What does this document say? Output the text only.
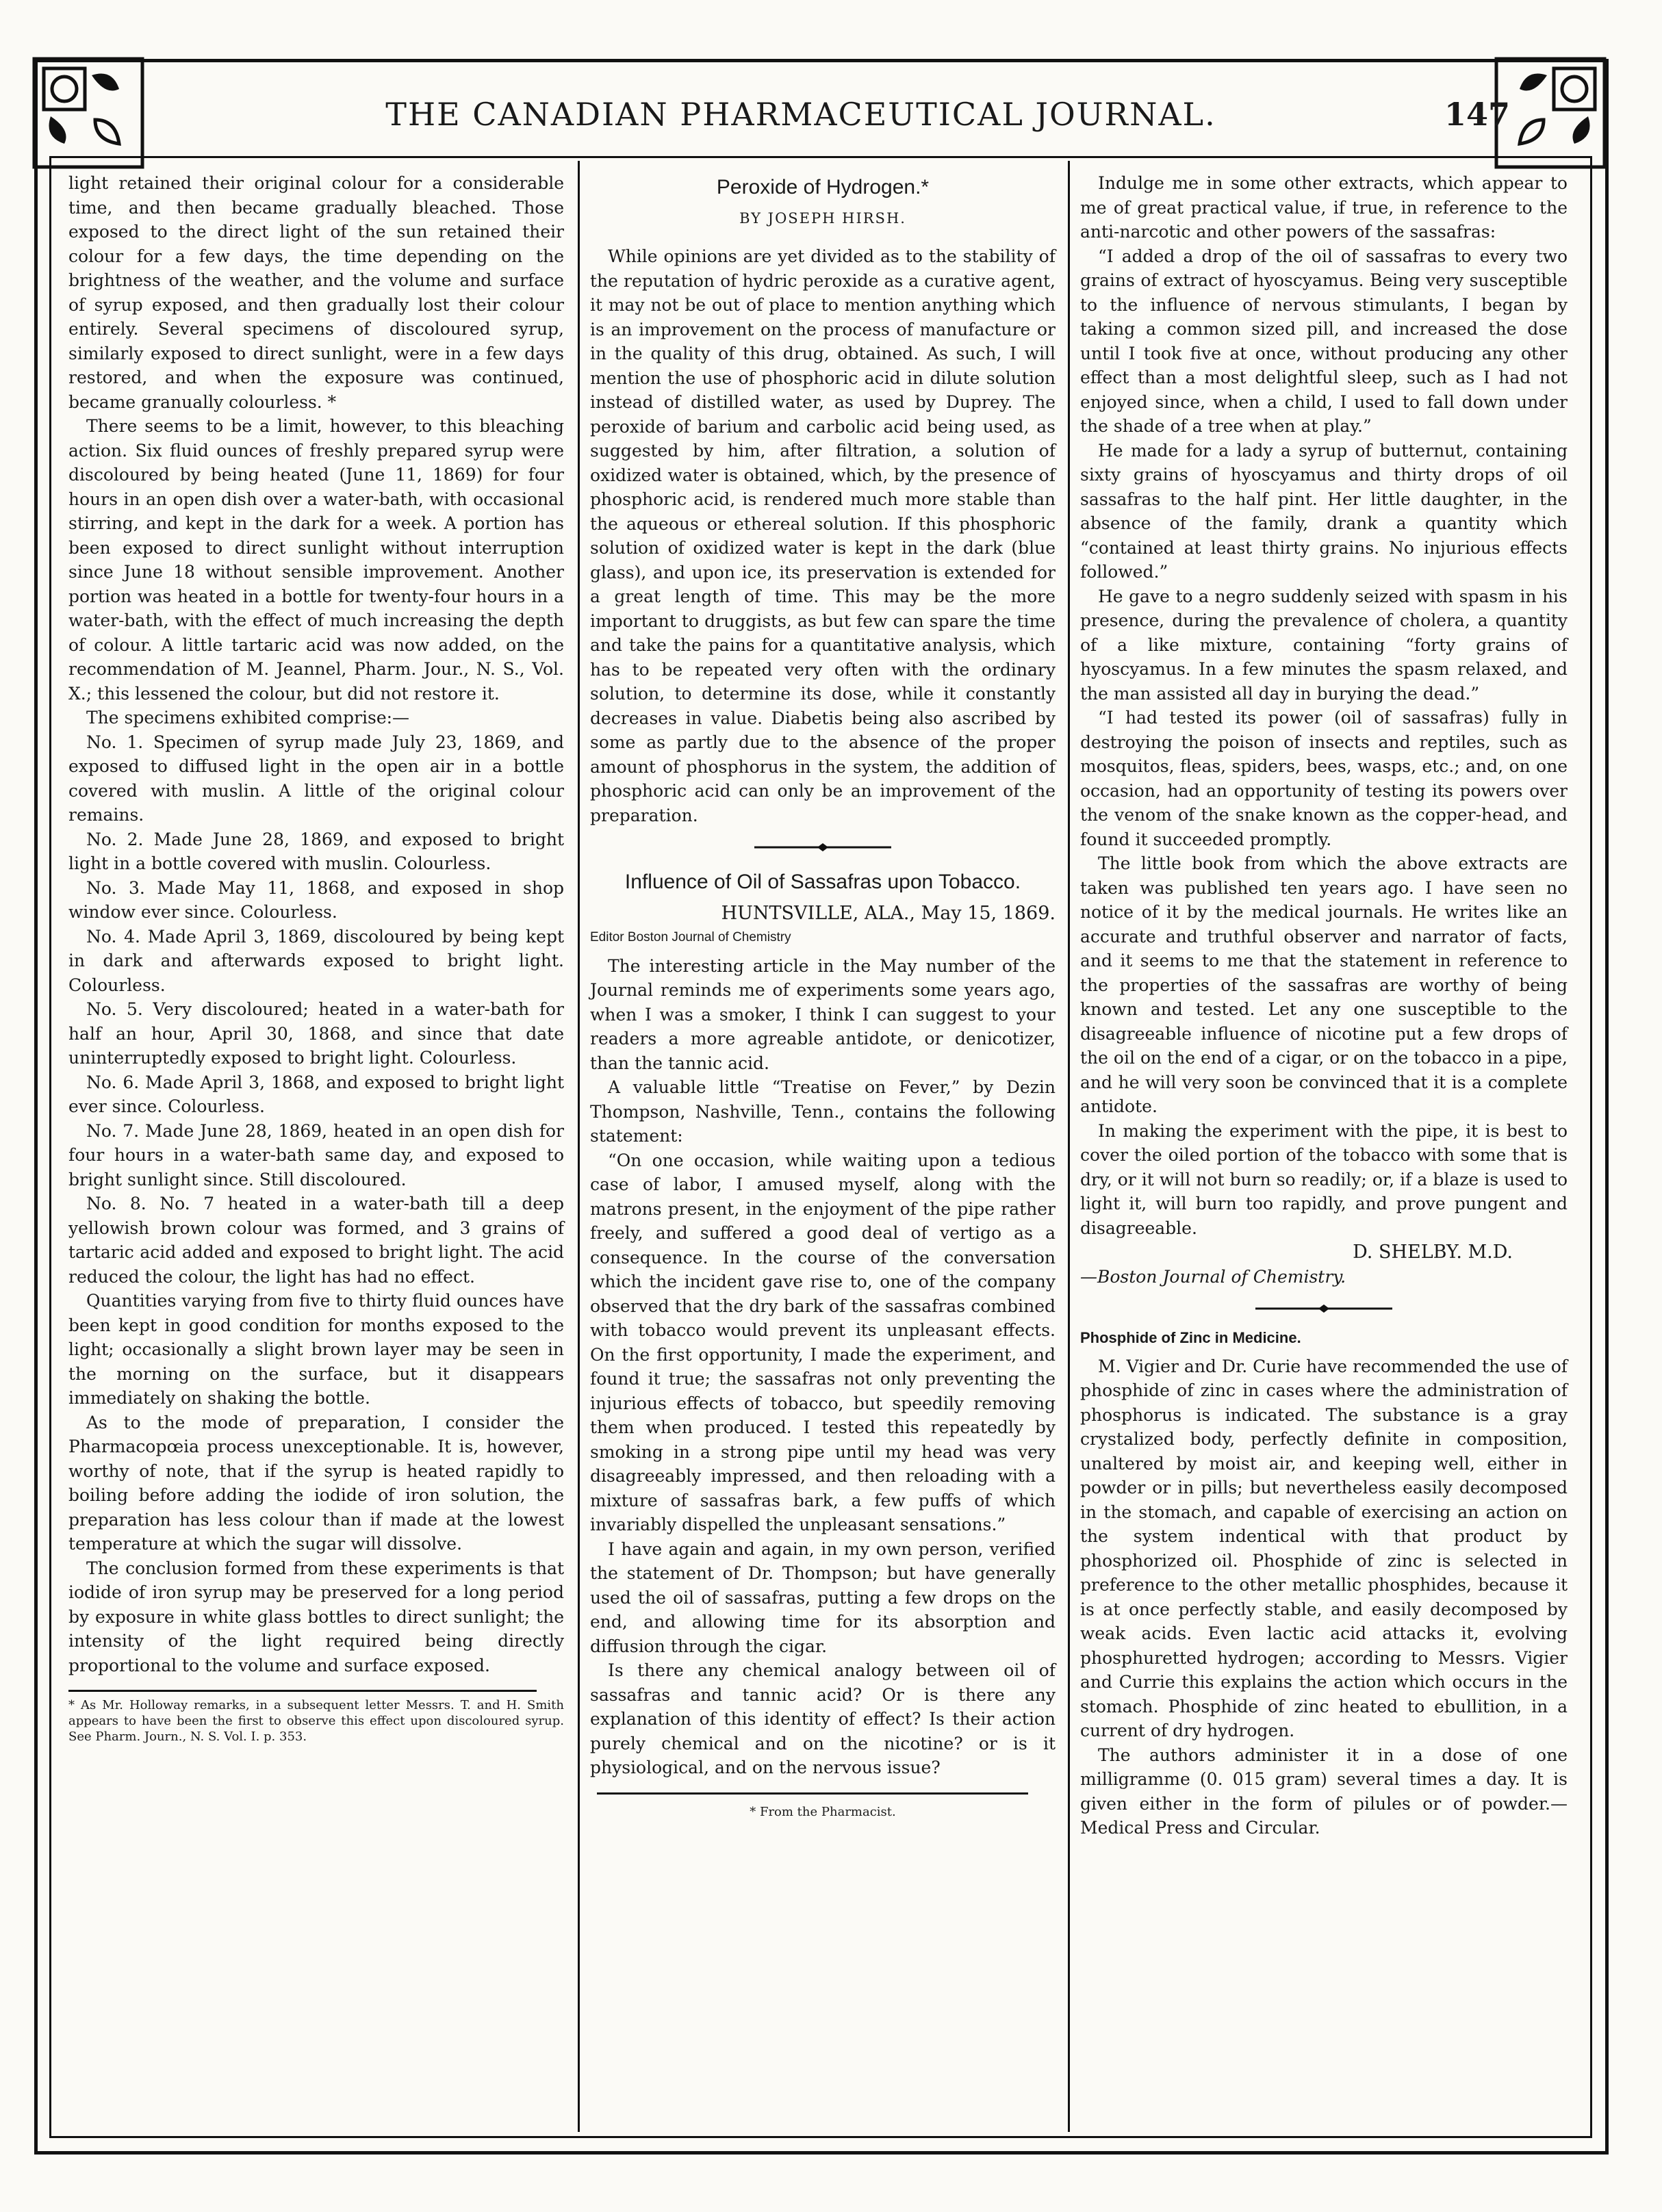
THE CANADIAN PHARMACEUTICAL JOURNAL.	147

light retained their original colour for a considerable time, and then became gradually bleached. Those exposed to the direct light of the sun retained their colour for a few days, the time depending on the brightness of the weather, and the volume and surface of syrup exposed, and then gradually lost their colour entirely. Several specimens of discoloured syrup, similarly exposed to direct sunlight, were in a few days restored, and when the exposure was continued, became granually colourless. *

There seems to be a limit, however, to this bleaching action. Six fluid ounces of freshly prepared syrup were discoloured by being heated (June 11, 1869) for four hours in an open dish over a water-bath, with occasional stirring, and kept in the dark for a week. A portion has been exposed to direct sunlight without interruption since June 18 without sensible improvement. Another portion was heated in a bottle for twenty-four hours in a water-bath, with the effect of much increasing the depth of colour. A little tartaric acid was now added, on the recommendation of M. Jeannel, Pharm. Jour., N. S., Vol. X.; this lessened the colour, but did not restore it.

The specimens exhibited comprise:—

No. 1. Specimen of syrup made July 23, 1869, and exposed to diffused light in the open air in a bottle covered with muslin. A little of the original colour remains.

No. 2. Made June 28, 1869, and exposed to bright light in a bottle covered with muslin. Colourless.

No. 3. Made May 11, 1868, and exposed in shop window ever since. Colourless.

No. 4. Made April 3, 1869, discoloured by being kept in dark and afterwards exposed to bright light. Colourless.

No. 5. Very discoloured; heated in a water-bath for half an hour, April 30, 1868, and since that date uninterruptedly exposed to bright light. Colourless.

No. 6. Made April 3, 1868, and exposed to bright light ever since. Colourless.

No. 7. Made June 28, 1869, heated in an open dish for four hours in a water-bath same day, and exposed to bright sunlight since. Still discoloured.

No. 8. No. 7 heated in a water-bath till a deep yellowish brown colour was formed, and 3 grains of tartaric acid added and exposed to bright light. The acid reduced the colour, the light has had no effect.

Quantities varying from five to thirty fluid ounces have been kept in good condition for months exposed to the light; occasionally a slight brown layer may be seen in the morning on the surface, but it disappears immediately on shaking the bottle.

As to the mode of preparation, I consider the Pharmacopœia process unexceptionable. It is, however, worthy of note, that if the syrup is heated rapidly to boiling before adding the iodide of iron solution, the preparation has less colour than if made at the lowest temperature at which the sugar will dissolve.

The conclusion formed from these experiments is that iodide of iron syrup may be preserved for a long period by exposure in white glass bottles to direct sunlight; the intensity of the light required being directly proportional to the volume and surface exposed.

* As Mr. Holloway remarks, in a subsequent letter Messrs. T. and H. Smith appears to have been the first to observe this effect upon discoloured syrup. See Pharm. Journ., N. S. Vol. I. p. 353.
Peroxide of Hydrogen.*
BY JOSEPH HIRSH.

While opinions are yet divided as to the stability of the reputation of hydric peroxide as a curative agent, it may not be out of place to mention anything which is an improvement on the process of manufacture or in the quality of this drug, obtained. As such, I will mention the use of phosphoric acid in dilute solution instead of distilled water, as used by Duprey. The peroxide of barium and carbolic acid being used, as suggested by him, after filtration, a solution of oxidized water is obtained, which, by the presence of phosphoric acid, is rendered much more stable than the aqueous or ethereal solution. If this phosphoric solution of oxidized water is kept in the dark (blue glass), and upon ice, its preservation is extended for a great length of time. This may be the more important to druggists, as but few can spare the time and take the pains for a quantitative analysis, which has to be repeated very often with the ordinary solution, to determine its dose, while it constantly decreases in value. Diabetis being also ascribed by some as partly due to the absence of the proper amount of phosphorus in the system, the addition of phosphoric acid can only be an improvement of the preparation.

Influence of Oil of Sassafras upon Tobacco.
HUNTSVILLE, ALA., May 15, 1869.
Editor Boston Journal of Chemistry

The interesting article in the May number of the Journal reminds me of experiments some years ago, when I was a smoker, I think I can suggest to your readers a more agreable antidote, or denicotizer, than the tannic acid.

A valuable little “Treatise on Fever,” by Dezin Thompson, Nashville, Tenn., contains the following statement:

“On one occasion, while waiting upon a tedious case of labor, I amused myself, along with the matrons present, in the enjoyment of the pipe rather freely, and suffered a good deal of vertigo as a consequence. In the course of the conversation which the incident gave rise to, one of the company observed that the dry bark of the sassafras combined with tobacco would prevent its unpleasant effects. On the first opportunity, I made the experiment, and found it true; the sassafras not only preventing the injurious effects of tobacco, but speedily removing them when produced. I tested this repeatedly by smoking in a strong pipe until my head was very disagreeably impressed, and then reloading with a mixture of sassafras bark, a few puffs of which invariably dispelled the unpleasant sensations.”

I have again and again, in my own person, verified the statement of Dr. Thompson; but have generally used the oil of sassafras, putting a few drops on the end, and allowing time for its absorption and diffusion through the cigar.

Is there any chemical analogy between oil of sassafras and tannic acid? Or is there any explanation of this identity of effect? Is their action purely chemical and on the nicotine? or is it physiological, and on the nervous issue?

* From the Pharmacist.

Indulge me in some other extracts, which appear to me of great practical value, if true, in reference to the anti-narcotic and other powers of the sassafras:

“I added a drop of the oil of sassafras to every two grains of extract of hyoscyamus. Being very susceptible to the influence of nervous stimulants, I began by taking a common sized pill, and increased the dose until I took five at once, without producing any other effect than a most delightful sleep, such as I had not enjoyed since, when a child, I used to fall down under the shade of a tree when at play.”

He made for a lady a syrup of butternut, containing sixty grains of hyoscyamus and thirty drops of oil sassafras to the half pint. Her little daughter, in the absence of the family, drank a quantity which “contained at least thirty grains. No injurious effects followed.”

He gave to a negro suddenly seized with spasm in his presence, during the prevalence of cholera, a quantity of a like mixture, containing “forty grains of hyoscyamus. In a few minutes the spasm relaxed, and the man assisted all day in burying the dead.”

“I had tested its power (oil of sassafras) fully in destroying the poison of insects and reptiles, such as mosquitos, fleas, spiders, bees, wasps, etc.; and, on one occasion, had an opportunity of testing its powers over the venom of the snake known as the copper-head, and found it succeeded promptly.

The little book from which the above extracts are taken was published ten years ago. I have seen no notice of it by the medical journals. He writes like an accurate and truthful observer and narrator of facts, and it seems to me that the statement in reference to the properties of the sassafras are worthy of being known and tested. Let any one susceptible to the disagreeable influence of nicotine put a few drops of the oil on the end of a cigar, or on the tobacco in a pipe, and he will very soon be convinced that it is a complete antidote.

In making the experiment with the pipe, it is best to cover the oiled portion of the tobacco with some that is dry, or it will not burn so readily; or, if a blaze is used to light it, will burn too rapidly, and prove pungent and disagreeable.

D. SHELBY. M.D.
—Boston Journal of Chemistry.
Phosphide of Zinc in Medicine.

M. Vigier and Dr. Curie have recommended the use of phosphide of zinc in cases where the administration of phosphorus is indicated. The substance is a gray crystalized body, perfectly definite in composition, unaltered by moist air, and keeping well, either in powder or in pills; but nevertheless easily decomposed in the stomach, and capable of exercising an action on the system indentical with that product by phosphorized oil. Phosphide of zinc is selected in preference to the other metallic phosphides, because it is at once perfectly stable, and easily decomposed by weak acids. Even lactic acid attacks it, evolving phosphuretted hydrogen; according to Messrs. Vigier and Currie this explains the action which occurs in the stomach. Phosphide of zinc heated to ebullition, in a current of dry hydrogen.

The authors administer it in a dose of one milligramme (0. 015 gram) several times a day. It is given either in the form of pilules or of powder.—Medical Press and Circular.
